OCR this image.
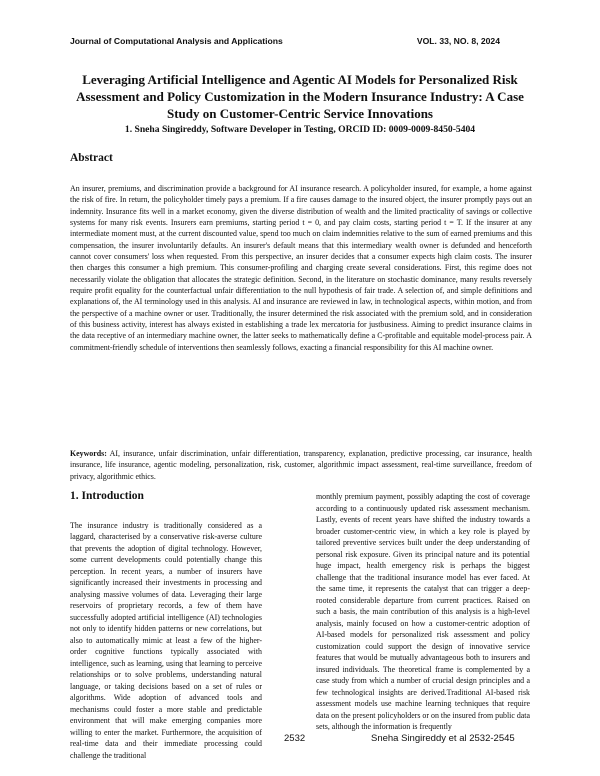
Journal of Computational Analysis and Applications	VOL. 33, NO. 8, 2024
Leveraging Artificial Intelligence and Agentic AI Models for Personalized Risk Assessment and Policy Customization in the Modern Insurance Industry: A Case Study on Customer-Centric Service Innovations

1. Sneha Singireddy, Software Developer in Testing, ORCID ID: 0009-0009-8450-5404

Abstract

An insurer, premiums, and discrimination provide a background for AI insurance research. A policyholder insured, for example, a home against the risk of fire. In return, the policyholder timely pays a premium. If a fire causes damage to the insured object, the insurer promptly pays out an indemnity. Insurance fits well in a market economy, given the diverse distribution of wealth and the limited practicality of savings or collective systems for many risk events. Insurers earn premiums, starting period t = 0, and pay claim costs, starting period t = T. If the insurer at any intermediate moment must, at the current discounted value, spend too much on claim indemnities relative to the sum of earned premiums and this compensation, the insurer involuntarily defaults. An insurer's default means that this intermediary wealth owner is defunded and henceforth cannot cover consumers' loss when requested. From this perspective, an insurer decides that a consumer expects high claim costs. The insurer then charges this consumer a high premium. This consumer-profiling and charging create several considerations. First, this regime does not necessarily violate the obligation that allocates the strategic definition. Second, in the literature on stochastic dominance, many results reversely require profit equality for the counterfactual unfair differentiation to the null hypothesis of fair trade. A selection of, and simple definitions and explanations of, the AI terminology used in this analysis. AI and insurance are reviewed in law, in technological aspects, within motion, and from the perspective of a machine owner or user. Traditionally, the insurer determined the risk associated with the premium sold, and in consideration of this business activity, interest has always existed in establishing a trade lex mercatoria for justbusiness. Aiming to predict insurance claims in the data receptive of an intermediary machine owner, the latter seeks to mathematically define a C-profitable and equitable model-process pair. A commitment-friendly schedule of interventions then seamlessly follows, exacting a financial responsibility for this AI machine owner.

Keywords: AI, insurance, unfair discrimination, unfair differentiation, transparency, explanation, predictive processing, car insurance, health insurance, life insurance, agentic modeling, personalization, risk, customer, algorithmic impact assessment, real-time surveillance, freedom of privacy, algorithmic ethics.

1. Introduction

The insurance industry is traditionally considered as a laggard, characterised by a conservative risk-averse culture that prevents the adoption of digital technology. However, some current developments could potentially change this perception. In recent years, a number of insurers have significantly increased their investments in processing and analysing massive volumes of data. Leveraging their large reservoirs of proprietary records, a few of them have successfully adopted artificial intelligence (AI) technologies not only to identify hidden patterns or new correlations, but also to automatically mimic at least a few of the higher-order cognitive functions typically associated with intelligence, such as learning, using that learning to perceive relationships or to solve problems, understanding natural language, or taking decisions based on a set of rules or algorithms. Wide adoption of advanced tools and mechanisms could foster a more stable and predictable environment that will make emerging companies more willing to enter the market. Furthermore, the acquisition of real-time data and their immediate processing could challenge the traditional

monthly premium payment, possibly adapting the cost of coverage according to a continuously updated risk assessment mechanism. Lastly, events of recent years have shifted the industry towards a broader customer-centric view, in which a key role is played by tailored preventive services built under the deep understanding of personal risk exposure. Given its principal nature and its potential huge impact, health emergency risk is perhaps the biggest challenge that the traditional insurance model has ever faced. At the same time, it represents the catalyst that can trigger a deep-rooted considerable departure from current practices. Raised on such a basis, the main contribution of this analysis is a high-level analysis, mainly focused on how a customer-centric adoption of AI-based models for personalized risk assessment and policy customization could support the design of innovative service features that would be mutually advantageous both to insurers and insured individuals. The theoretical frame is complemented by a case study from which a number of crucial design principles and a few technological insights are derived.Traditional AI-based risk assessment models use machine learning techniques that require data on the present policyholders or on the insured from public data sets, although the information is frequently

2532	Sneha Singireddy et al 2532-2545
